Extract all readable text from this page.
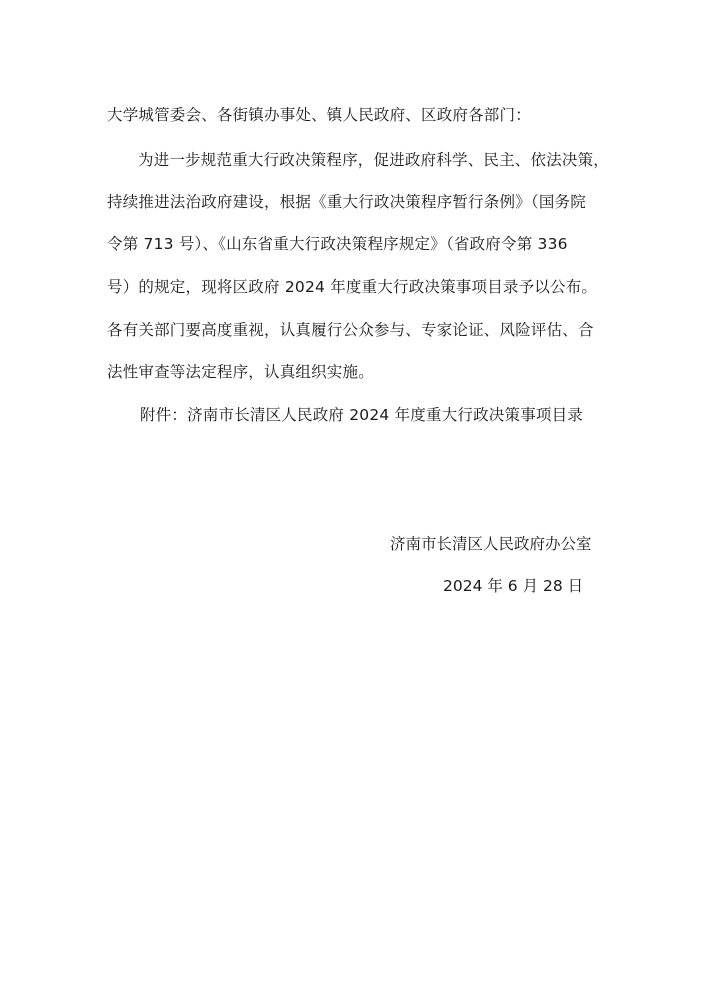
大学城管委会、各街镇办事处、镇人民政府、区政府各部门：
为进一步规范重大行政决策程序，促进政府科学、民主、依法决策，
持续推进法治政府建设，根据《重大行政决策程序暂行条例》（国务院
令第 713 号）、《山东省重大行政决策程序规定》（省政府令第 336
号）的规定，现将区政府 2024 年度重大行政决策事项目录予以公布。
各有关部门要高度重视，认真履行公众参与、专家论证、风险评估、合
法性审查等法定程序，认真组织实施。
附件：济南市长清区人民政府 2024 年度重大行政决策事项目录
济南市长清区人民政府办公室
2024 年 6 月 28 日
